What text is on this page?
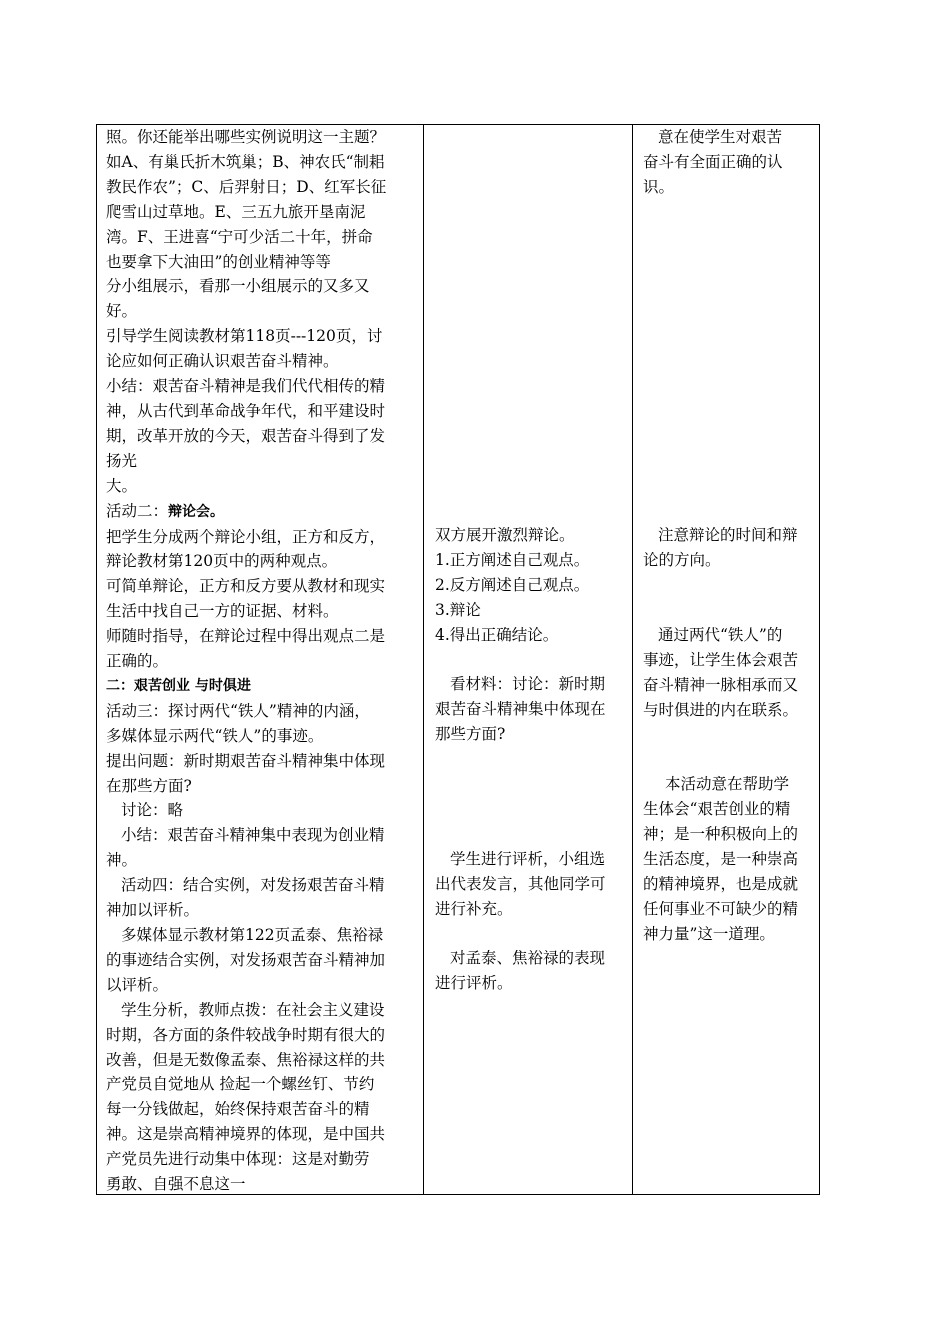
照。你还能举出哪些实例说明这一主题？

如A、有巢氏折木筑巢；B、神农氏“制耜

教民作农”；C、后羿射日；D、红军长征

爬雪山过草地。E、三五九旅开垦南泥

湾。F、王进喜“宁可少活二十年，拼命

也要拿下大油田”的创业精神等等

分小组展示，看那一小组展示的又多又

好。

引导学生阅读教材第118页---120页，讨

论应如何正确认识艰苦奋斗精神。

小结：艰苦奋斗精神是我们代代相传的精

神，从古代到革命战争年代，和平建设时

期，改革开放的今天，艰苦奋斗得到了发

扬光

大。

活动二：辩论会。

把学生分成两个辩论小组，正方和反方，

辩论教材第120页中的两种观点。

可简单辩论，正方和反方要从教材和现实

生活中找自己一方的证据、材料。

师随时指导，在辩论过程中得出观点二是

正确的。

二：艰苦创业 与时俱进

活动三：探讨两代“铁人”精神的内涵，

多媒体显示两代“铁人”的事迹。

提出问题：新时期艰苦奋斗精神集中体现

在那些方面?

讨论：略

小结：艰苦奋斗精神集中表现为创业精

神。

活动四：结合实例，对发扬艰苦奋斗精

神加以评析。

多媒体显示教材第122页孟泰、焦裕禄

的事迹结合实例，对发扬艰苦奋斗精神加

以评析。

学生分析，教师点拨：在社会主义建设

时期，各方面的条件较战争时期有很大的

改善，但是无数像孟泰、焦裕禄这样的共

产党员自觉地从 捡起一个螺丝钉、节约

每一分钱做起，始终保持艰苦奋斗的精

神。这是崇高精神境界的体现，是中国共

产党员先进行动集中体现：这是对勤劳

勇敢、自强不息这一

双方展开激烈辩论。

1.正方阐述自己观点。

2.反方阐述自己观点。

3.辩论

4.得出正确结论。

看材料：讨论：新时期

艰苦奋斗精神集中体现在

那些方面?

学生进行评析，小组选

出代表发言，其他同学可

进行补充。

对孟泰、焦裕禄的表现

进行评析。

意在使学生对艰苦

奋斗有全面正确的认

识。

注意辩论的时间和辩

论的方向。

通过两代“铁人”的

事迹，让学生体会艰苦

奋斗精神一脉相承而又

与时俱进的内在联系。

本活动意在帮助学

生体会“艰苦创业的精

神；是一种积极向上的

生活态度，是一种崇高

的精神境界，也是成就

任何事业不可缺少的精

神力量”这一道理。
